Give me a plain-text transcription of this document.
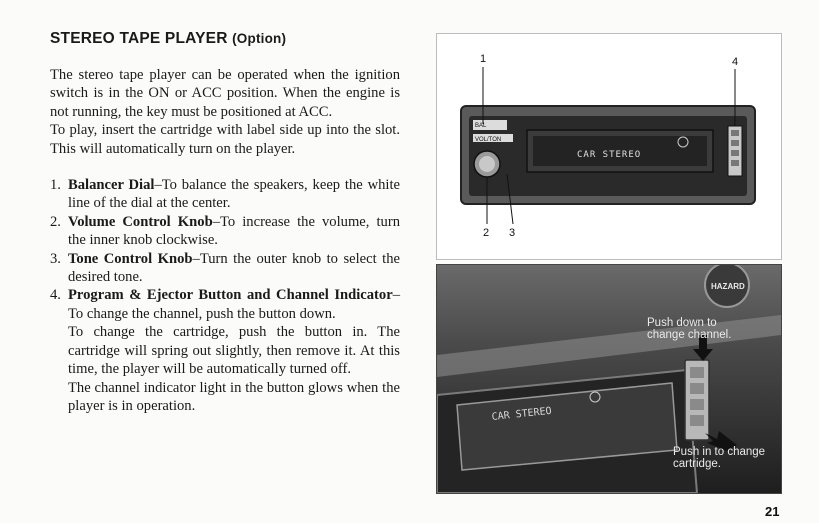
STEREO TAPE PLAYER (Option)

The stereo tape player can be operated when the ignition switch is in the ON or ACC position. When the engine is not running, the key must be positioned at ACC.

To play, insert the cartridge with label side up into the slot. This will automatically turn on the player.

1. Balancer Dial–To balance the speakers, keep the white line of the dial at the center.
2. Volume Control Knob–To increase the volume, turn the inner knob clockwise.
3. Tone Control Knob–Turn the outer knob to select the desired tone.
4. Program & Ejector Button and Channel Indicator–To change the channel, push the button down.

To change the cartridge, push the button in. The cartridge will spring out slightly, then remove it. At this time, the player will be automatically turned off.

The channel indicator light in the button glows when the player is in operation.

BAL
VOL/TON
CAR STEREO
1	4
2 3
HAZARD
CAR STEREO
Push down to change channel.
Push in to change cartridge.
21
